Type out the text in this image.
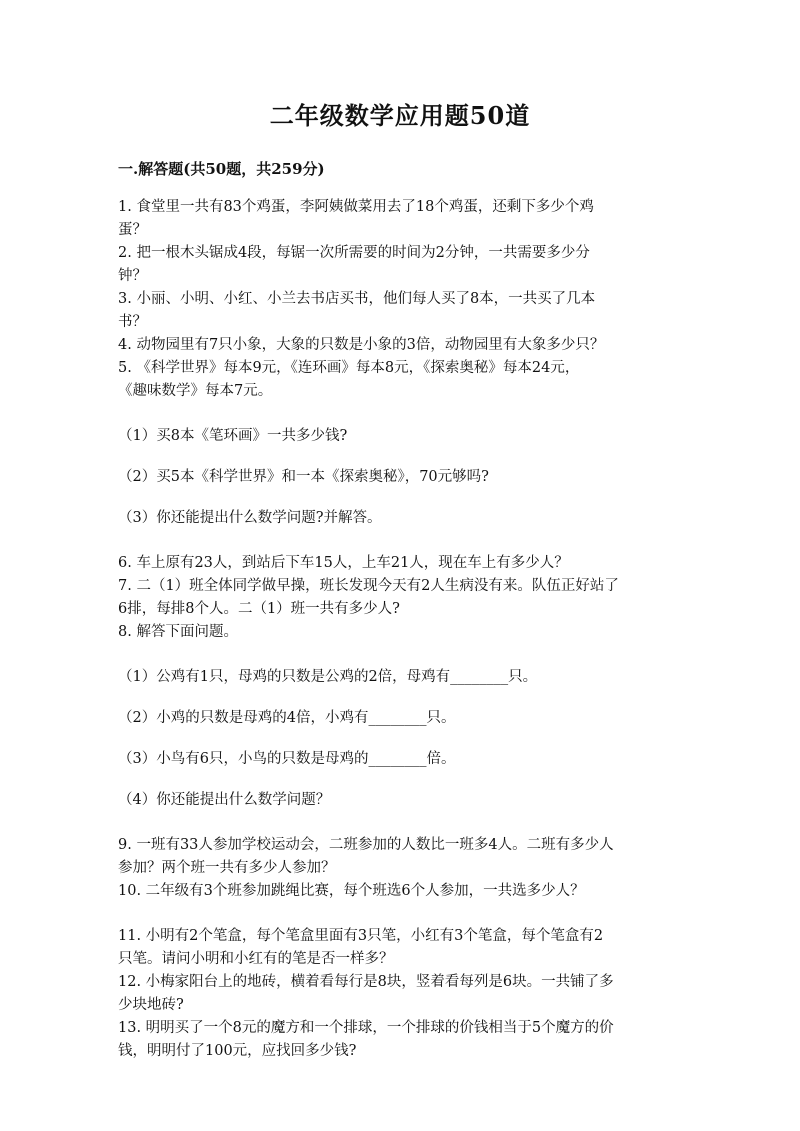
二年级数学应用题50道
一.解答题(共50题，共259分)

1. 食堂里一共有83个鸡蛋，李阿姨做菜用去了18个鸡蛋，还剩下多少个鸡

蛋？

2. 把一根木头锯成4段，每锯一次所需要的时间为2分钟，一共需要多少分

钟？

3. 小丽、小明、小红、小兰去书店买书，他们每人买了8本，一共买了几本

书？

4. 动物园里有7只小象，大象的只数是小象的3倍，动物园里有大象多少只？

5. 《科学世界》每本9元，《连环画》每本8元，《探索奥秘》每本24元，

《趣味数学》每本7元。

（1）买8本《笔环画》一共多少钱?
（2）买5本《科学世界》和一本《探索奥秘》，70元够吗?
（3）你还能提出什么数学问题?并解答。

6. 车上原有23人，到站后下车15人，上车21人，现在车上有多少人？

7. 二（1）班全体同学做早操，班长发现今天有2人生病没有来。队伍正好站了

6排，每排8个人。二（1）班一共有多少人?

8. 解答下面问题。

（1）公鸡有1只，母鸡的只数是公鸡的2倍，母鸡有________只。
（2）小鸡的只数是母鸡的4倍，小鸡有________只。
（3）小鸟有6只，小鸟的只数是母鸡的________倍。
（4）你还能提出什么数学问题？

9. 一班有33人参加学校运动会，二班参加的人数比一班多4人。二班有多少人

参加？两个班一共有多少人参加？

10. 二年级有3个班参加跳绳比赛，每个班选6个人参加，一共选多少人？

11. 小明有2个笔盒，每个笔盒里面有3只笔，小红有3个笔盒，每个笔盒有2

只笔。请问小明和小红有的笔是否一样多？

12. 小梅家阳台上的地砖，横着看每行是8块，竖着看每列是6块。一共铺了多

少块地砖?

13. 明明买了一个8元的魔方和一个排球，一个排球的价钱相当于5个魔方的价

钱，明明付了100元，应找回多少钱?
